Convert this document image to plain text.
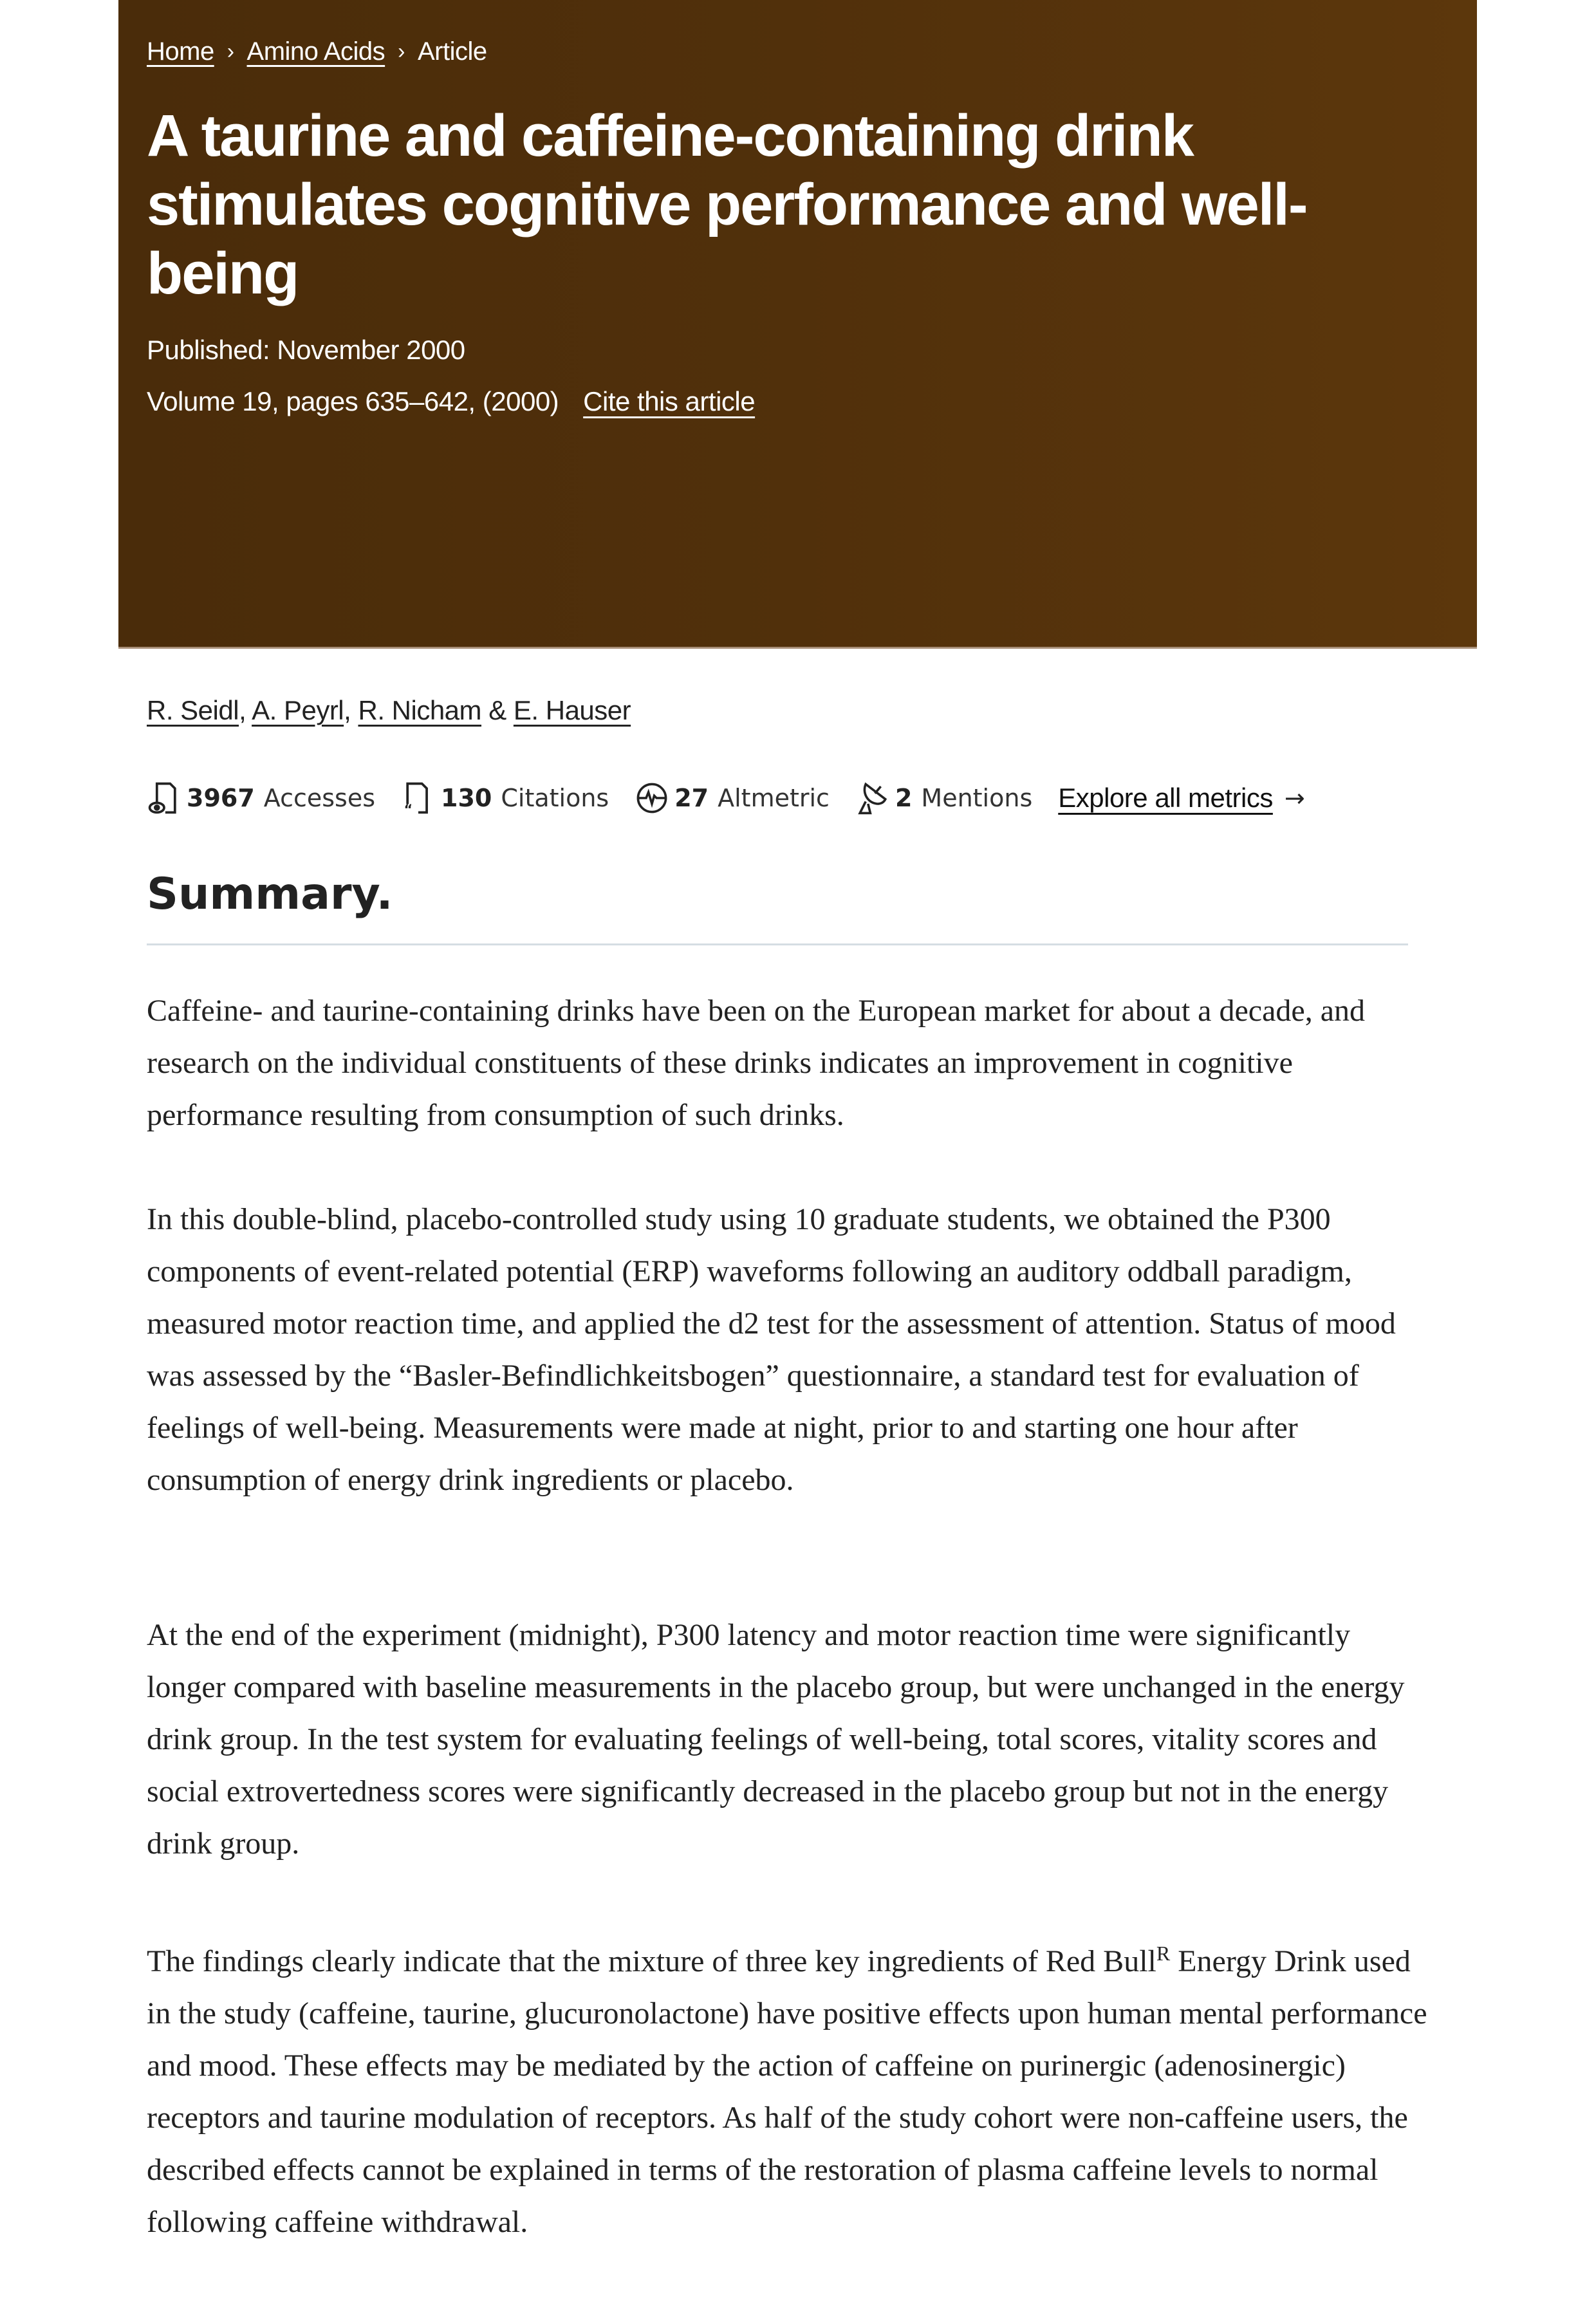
Home › Amino Acids › Article
A taurine and caffeine-containing drink stimulates cognitive performance and well-being
Published: November 2000
Volume 19, pages 635–642, (2000) Cite this article
R. Seidl, A. Peyrl, R. Nicham & E. Hauser
3967 Accesses	“ 130 Citations	27 Altmetric	2 Mentions Explore all metrics →
Summary.

Caffeine- and taurine-containing drinks have been on the European market for about a decade, and research on the individual constituents of these drinks indicates an improvement in cognitive performance resulting from consumption of such drinks.

In this double-blind, placebo-controlled study using 10 graduate students, we obtained the P300 components of event-related potential (ERP) waveforms following an auditory oddball paradigm, measured motor reaction time, and applied the d2 test for the assessment of attention. Status of mood was assessed by the “Basler-Befindlichkeitsbogen” questionnaire, a standard test for evaluation of feelings of well-being. Measurements were made at night, prior to and starting one hour after consumption of energy drink ingredients or placebo.

At the end of the experiment (midnight), P300 latency and motor reaction time were significantly longer compared with baseline measurements in the placebo group, but were unchanged in the energy drink group. In the test system for evaluating feelings of well-being, total scores, vitality scores and social extrovertedness scores were significantly decreased in the placebo group but not in the energy drink group.

The findings clearly indicate that the mixture of three key ingredients of Red Bull$^R$ Energy Drink used in the study (caffeine, taurine, glucuronolactone) have positive effects upon human mental performance and mood. These effects may be mediated by the action of caffeine on purinergic (adenosinergic) receptors and taurine modulation of receptors. As half of the study cohort were non-caffeine users, the described effects cannot be explained in terms of the restoration of plasma caffeine levels to normal following caffeine withdrawal.
